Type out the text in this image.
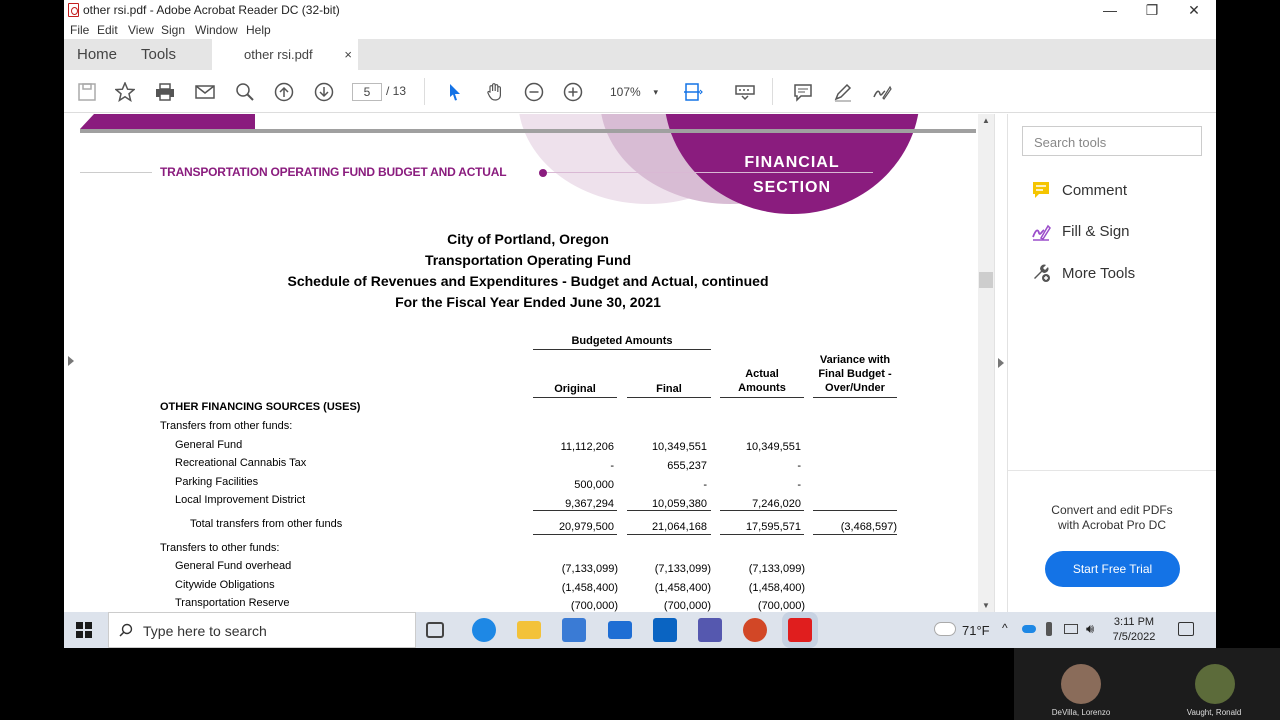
other rsi.pdf - Adobe Acrobat Reader DC (32-bit)	—	❐	✕
File Edit View Sign Window Help
Home Tools	other rsi.pdf ×
5	/ 13	107% ▾
FINANCIAL
SECTION
TRANSPORTATION OPERATING FUND BUDGET AND ACTUAL
City of Portland, Oregon
Transportation Operating Fund
Schedule of Revenues and Expenditures - Budget and Actual, continued
For the Fiscal Year Ended June 30, 2021
Budgeted Amounts
Original	Final
Actual
Amounts
Variance with
Final Budget -
Over/Under
OTHER FINANCING SOURCES (USES)
Transfers from other funds:
General Fund	11,112,206	10,349,551	10,349,551
Recreational Cannabis Tax	-	655,237	-
Parking Facilities	500,000	-	-
Local Improvement District	9,367,294	10,059,380	7,246,020
Total transfers from other funds	20,979,500	21,064,168	17,595,571	(3,468,597)
Transfers to other funds:
General Fund overhead	(7,133,099)	(7,133,099)	(7,133,099)
Citywide Obligations	(1,458,400)	(1,458,400)	(1,458,400)
Transportation Reserve	(700,000)	(700,000)	(700,000)
▲
▼
Search tools
Comment
Fill & Sign
More Tools
Convert and edit PDFs
with Acrobat Pro DC
Start Free Trial
Type here to search	71°F ^	🔊︎	3:11 PM
7/5/2022
DeVilla, Lorenzo	Vaught, Ronald
